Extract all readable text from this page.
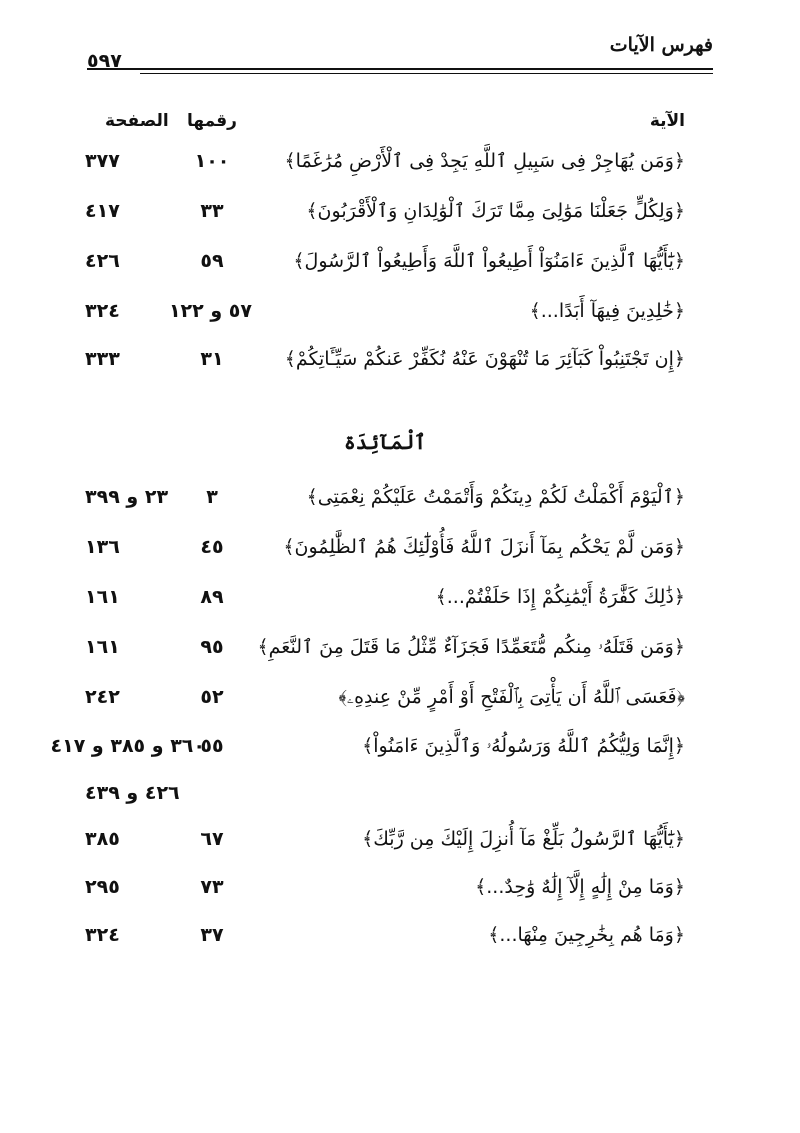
فهرس الآيات
٥٩٧
الآية
رقمها
الصفحة
﴿وَمَن يُهَاجِرْ فِى سَبِيلِ ٱللَّهِ يَجِدْ فِى ٱلْأَرْضِ مُرَٰغَمًا﴾
١٠٠
٣٧٧
﴿وَلِكُلٍّ جَعَلْنَا مَوَٰلِىَ مِمَّا تَرَكَ ٱلْوَٰلِدَانِ وَٱلْأَقْرَبُونَ﴾
٣٣
٤١٧
﴿يَٰٓأَيُّهَا ٱلَّذِينَ ءَامَنُوٓاْ أَطِيعُواْ ٱللَّهَ وَأَطِيعُواْ ٱلرَّسُولَ﴾
٥٩
٤٢٦
﴿خَٰلِدِينَ فِيهَآ أَبَدًا...﴾
٥٧ و ١٢٢
٣٢٤
﴿إِن تَجْتَنِبُواْ كَبَآئِرَ مَا تُنْهَوْنَ عَنْهُ نُكَفِّرْ عَنكُمْ سَيِّـَٔاتِكُمْ﴾
٣١
٣٣٣
ٱلْمَآئِدَة
﴿ٱلْيَوْمَ أَكْمَلْتُ لَكُمْ دِينَكُمْ وَأَتْمَمْتُ عَلَيْكُمْ نِعْمَتِى﴾
٣
٢٣ و ٣٩٩
﴿وَمَن لَّمْ يَحْكُم بِمَآ أَنزَلَ ٱللَّهُ فَأُوْلَٰٓئِكَ هُمُ ٱلظَّٰلِمُونَ﴾
٤٥
١٣٦
﴿ذَٰلِكَ كَفَّٰرَةُ أَيْمَٰنِكُمْ إِذَا حَلَفْتُمْ...﴾
٨٩
١٦١
﴿وَمَن قَتَلَهُۥ مِنكُم مُّتَعَمِّدًا فَجَزَآءٌ مِّثْلُ مَا قَتَلَ مِنَ ٱلنَّعَمِ﴾
٩٥
١٦١
﴿فَعَسَى ٱللَّهُ أَن يَأْتِىَ بِٱلْفَتْحِ أَوْ أَمْرٍ مِّنْ عِندِهِۦ﴾
٥٢
٢٤٢
﴿إِنَّمَا وَلِيُّكُمُ ٱللَّهُ وَرَسُولُهُۥ وَٱلَّذِينَ ءَامَنُواْ﴾
٥٥
٣٦٠ و ٣٨٥ و ٤١٧
٤٢٦ و ٤٣٩
﴿يَٰٓأَيُّهَا ٱلرَّسُولُ بَلِّغْ مَآ أُنزِلَ إِلَيْكَ مِن رَّبِّكَ﴾
٦٧
٣٨٥
﴿وَمَا مِنْ إِلَٰهٍ إِلَّآ إِلَٰهٌ وَٰحِدٌ...﴾
٧٣
٢٩٥
﴿وَمَا هُم بِخَٰرِجِينَ مِنْهَا...﴾
٣٧
٣٢٤
